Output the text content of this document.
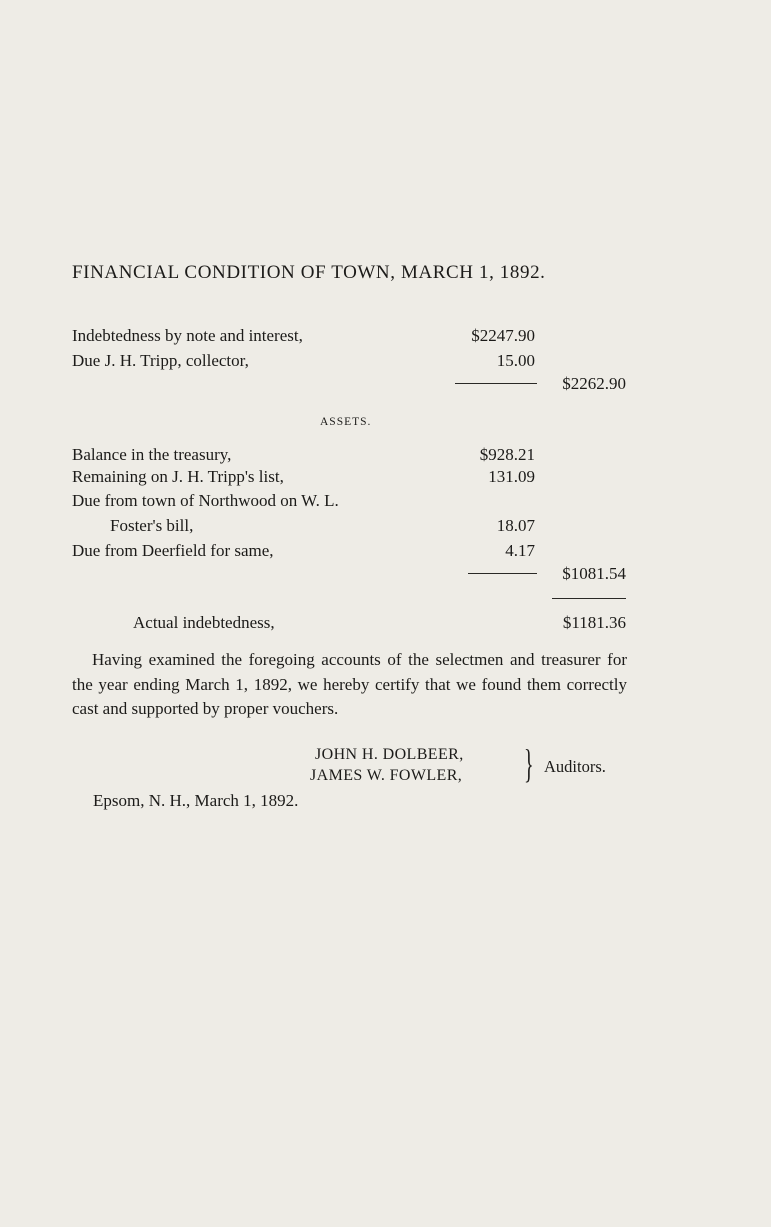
FINANCIAL CONDITION OF TOWN, MARCH 1, 1892.
Indebtedness by note and interest,	$2247.90
Due J. H. Tripp, collector,	15.00
$2262.90
ASSETS.
Balance in the treasury,	$928.21
Remaining on J. H. Tripp's list,	131.09
Due from town of Northwood on W. L.
Foster's bill,	18.07
Due from Deerfield for same,	4.17
$1081.54
Actual indebtedness,	$1181.36
Having examined the foregoing accounts of the selectmen and treasurer for the year ending March 1, 1892, we hereby certify that we found them correctly cast and supported by proper vouchers.
JOHN H. DOLBEER,
JAMES W. FOWLER, } Auditors.
Epsom, N. H., March 1, 1892.
